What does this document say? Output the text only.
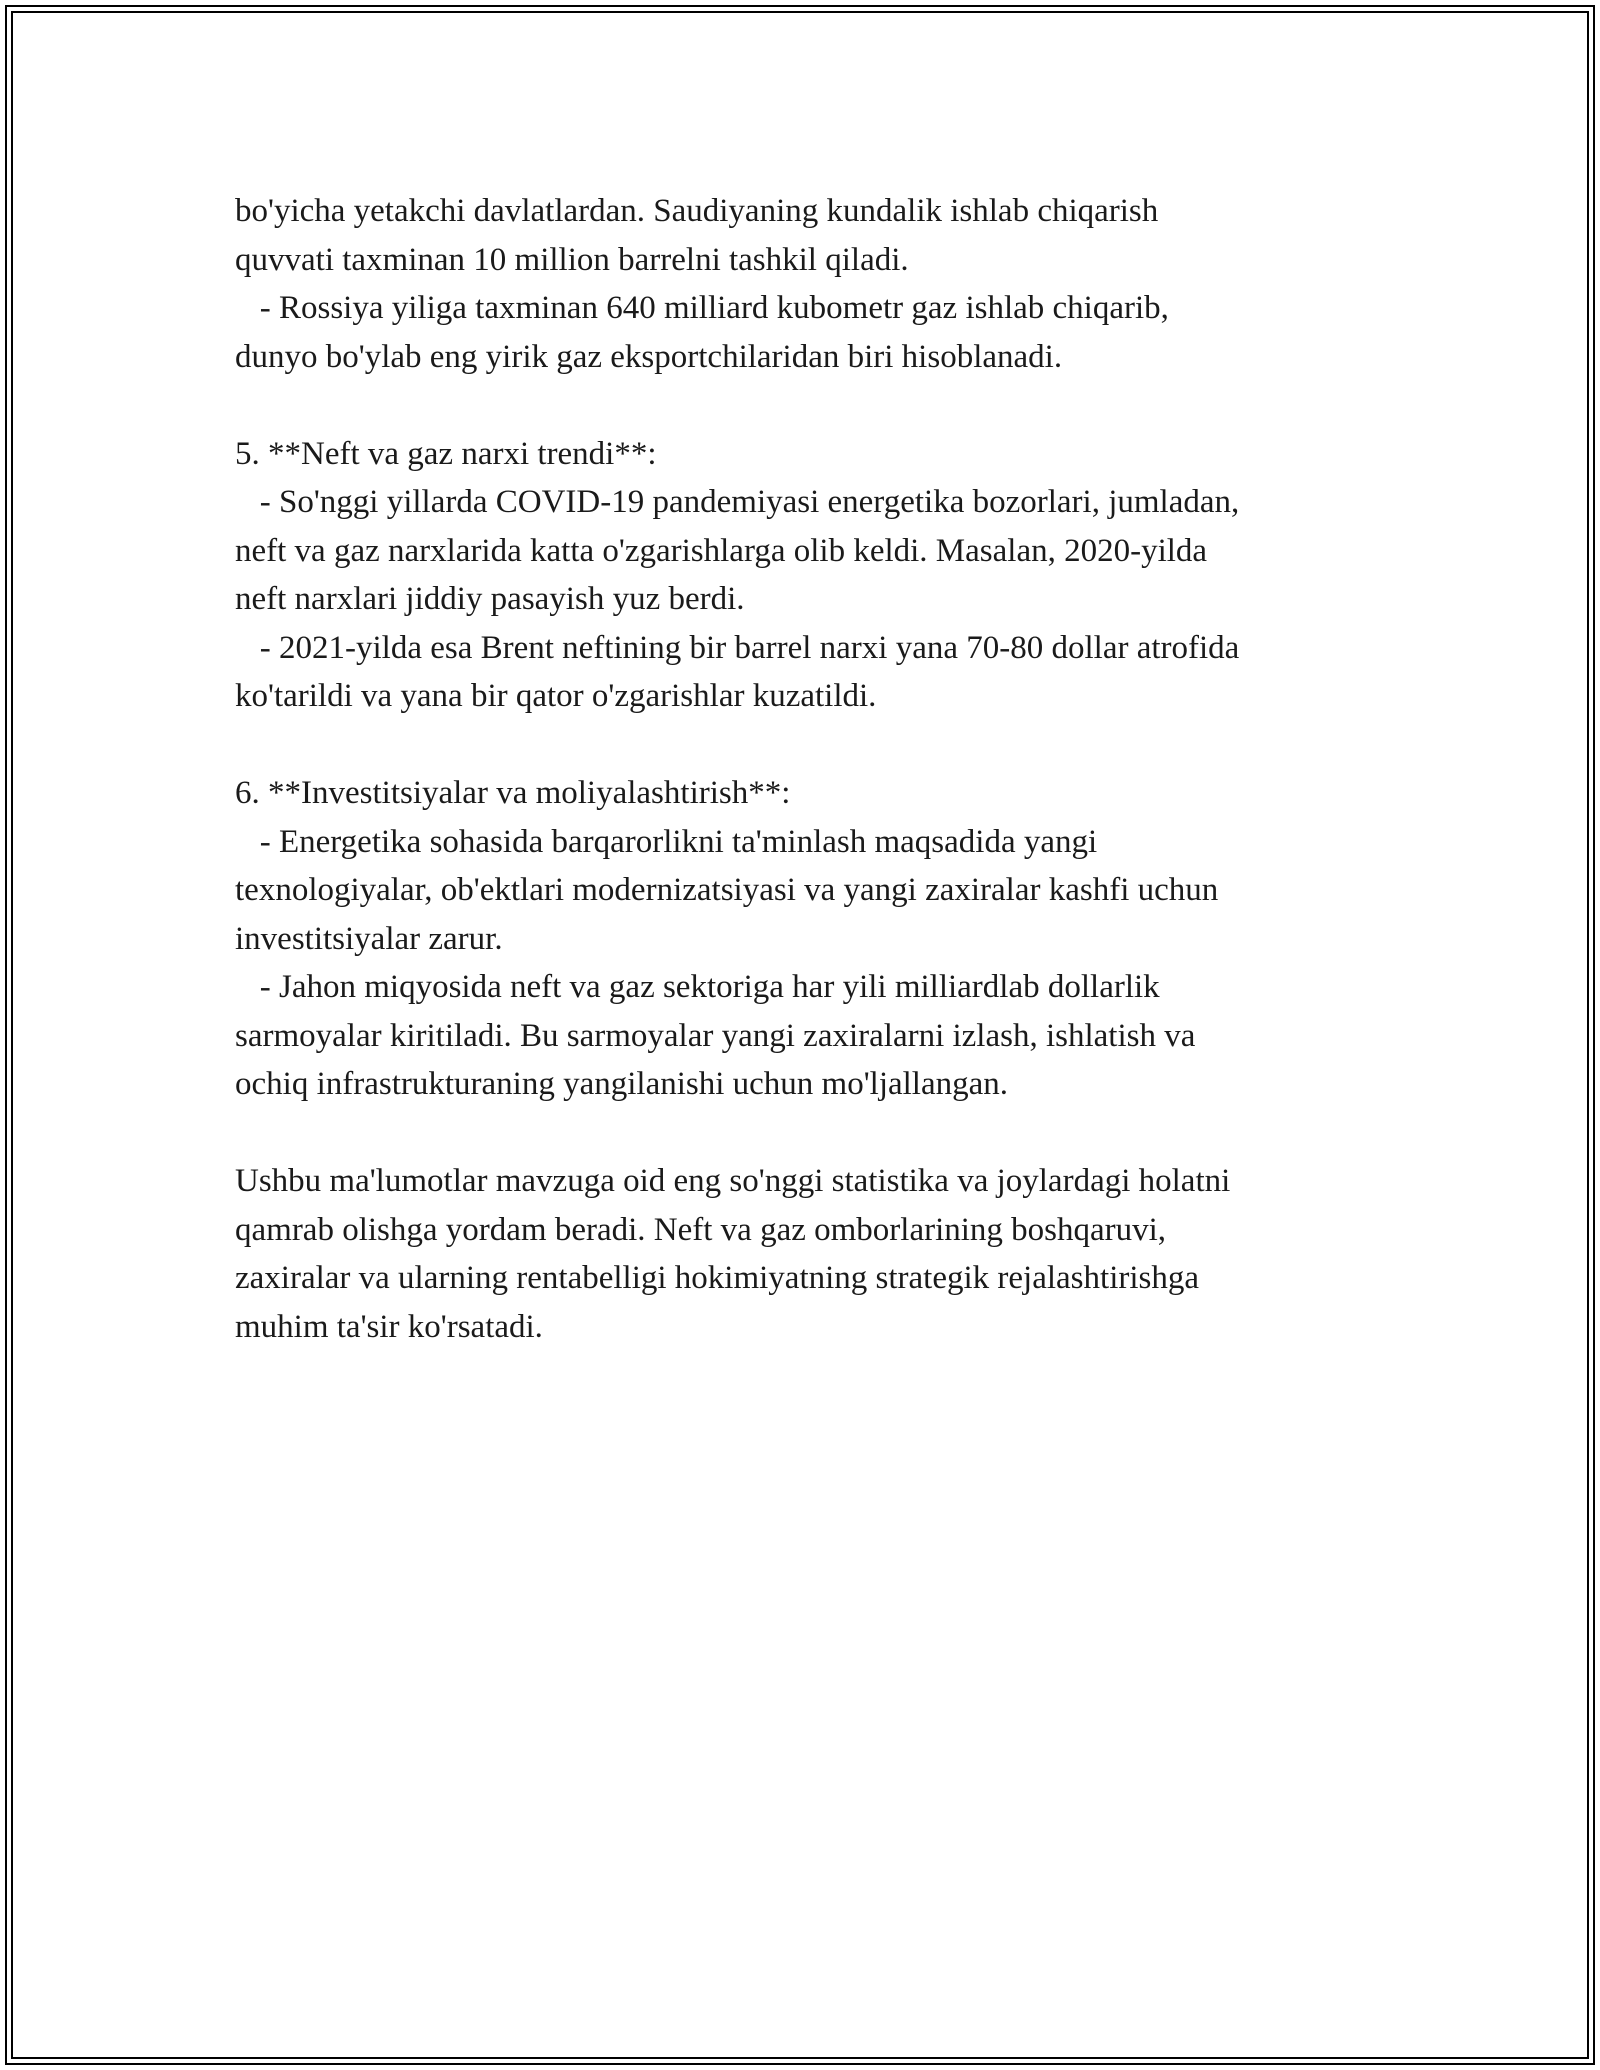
bo'yicha yetakchi davlatlardan. Saudiyaning kundalik ishlab chiqarish

quvvati taxminan 10 million barrelni tashkil qiladi.

- Rossiya yiliga taxminan 640 milliard kubometr gaz ishlab chiqarib,

dunyo bo'ylab eng yirik gaz eksportchilaridan biri hisoblanadi.

5. **Neft va gaz narxi trendi**:

- So'nggi yillarda COVID-19 pandemiyasi energetika bozorlari, jumladan,

neft va gaz narxlarida katta o'zgarishlarga olib keldi. Masalan, 2020-yilda

neft narxlari jiddiy pasayish yuz berdi.

- 2021-yilda esa Brent neftining bir barrel narxi yana 70-80 dollar atrofida

ko'tarildi va yana bir qator o'zgarishlar kuzatildi.

6. **Investitsiyalar va moliyalashtirish**:

- Energetika sohasida barqarorlikni ta'minlash maqsadida yangi

texnologiyalar, ob'ektlari modernizatsiyasi va yangi zaxiralar kashfi uchun

investitsiyalar zarur.

- Jahon miqyosida neft va gaz sektoriga har yili milliardlab dollarlik

sarmoyalar kiritiladi. Bu sarmoyalar yangi zaxiralarni izlash, ishlatish va

ochiq infrastrukturaning yangilanishi uchun mo'ljallangan.

Ushbu ma'lumotlar mavzuga oid eng so'nggi statistika va joylardagi holatni

qamrab olishga yordam beradi. Neft va gaz omborlarining boshqaruvi,

zaxiralar va ularning rentabelligi hokimiyatning strategik rejalashtirishga

muhim ta'sir ko'rsatadi.
